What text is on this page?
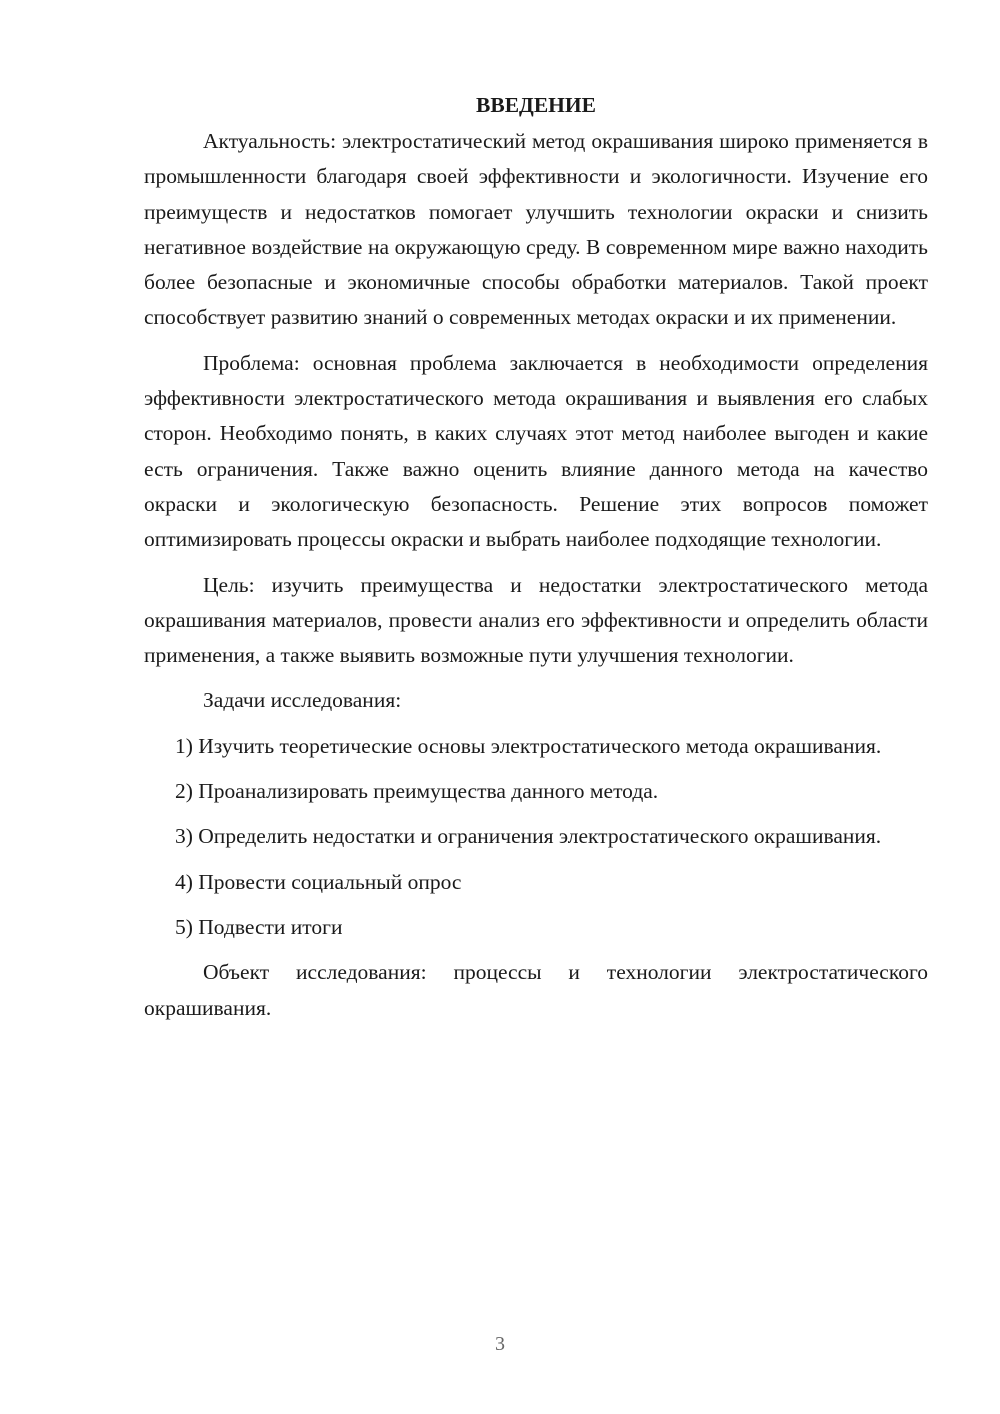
ВВЕДЕНИЕ

Актуальность: электростатический метод окрашивания широко применяется в промышленности благодаря своей эффективности и экологичности. Изучение его преимуществ и недостатков помогает улучшить технологии окраски и снизить негативное воздействие на окружающую среду. В современном мире важно находить более безопасные и экономичные способы обработки материалов. Такой проект способствует развитию знаний о современных методах окраски и их применении.

Проблема: основная проблема заключается в необходимости определения эффективности электростатического метода окрашивания и выявления его слабых сторон. Необходимо понять, в каких случаях этот метод наиболее выгоден и какие есть ограничения. Также важно оценить влияние данного метода на качество окраски и экологическую безопасность. Решение этих вопросов поможет оптимизировать процессы окраски и выбрать наиболее подходящие технологии.

Цель: изучить преимущества и недостатки электростатического метода окрашивания материалов, провести анализ его эффективности и определить области применения, а также выявить возможные пути улучшения технологии.

Задачи исследования:

1) Изучить теоретические основы электростатического метода окрашивания.

2) Проанализировать преимущества данного метода.

3) Определить недостатки и ограничения электростатического окрашивания.

4) Провести социальный опрос

5) Подвести итоги

Объект исследования: процессы и технологии электростатического окрашивания.

3
